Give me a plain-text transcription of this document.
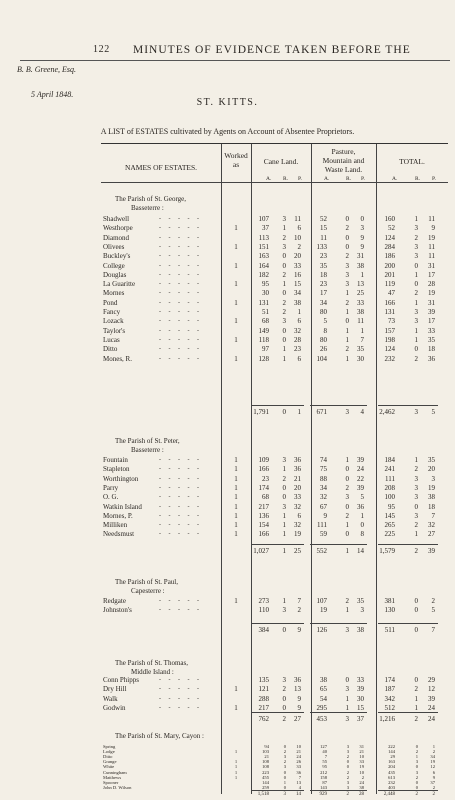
122 MINUTES OF EVIDENCE TAKEN BEFORE THE
B. B. Greene, Esq.
5 April 1848.
ST. KITTS.
A LIST of ESTATES cultivated by Agents on Account of Absentee Proprietors.
NAMES OF ESTATES.
Worked
as	Cane Land.
Pasture,
Mountain and
Waste Land.
TOTAL.
A. R. P.	A.	R. P.	A.	R. P.
The Parish of St. George,
Basseterre :
Shadwell	- - - - -	107	3	11	52	0	0	160	1	11
Westhorpe	- - - - -	1	37	1	6	15	2	3	52	3	9
Diamond	- - - - -	113	2	10	11	0	9	124	2	19
Olivees	- - - - -	1	151	3	2	133	0	9	284	3	11
Buckley's	- - - - -	163	0	20	23	2	31	186	3	11
College	- - - - -	1	164	0	33	35	3	38	200	0	31
Douglas	- - - - -	182	2	16	18	3	1	201	1	17
La Guaritte	- - - - -	1	95	1	15	23	3	13	119	0	28
Mornes	- - - - -	30	0	34	17	1	25	47	2	19
Pond	- - - - -	1	131	2	38	34	2	33	166	1	31
Fancy	- - - - -	51	2	1	80	1	38	131	3	39
Lozack	- - - - -	1	68	3	6	5	0	11	73	3	17
Taylor's	- - - - -	149	0	32	8	1	1	157	1	33
Lucas	- - - - -	1	118	0	28	80	1	7	198	1	35
Ditto	- - - - -	97	1	23	26	2	35	124	0	18
Mones, R.	- - - - -	1	128	1	6	104	1	30	232	2	36
1,791	0	1	671	3	4	2,462	3	5
The Parish of St. Peter,
Basseterre :
Fountain	- - - - -	1	109	3	36	74	1	39	184	1	35
Stapleton	- - - - -	1	166	1	36	75	0	24	241	2	20
Worthington	- - - - -	1	23	2	21	88	0	22	111	3	3
Parry	- - - - -	1	174	0	20	34	2	39	208	3	19
O. G.	- - - - -	1	68	0	33	32	3	5	100	3	38
Watkin Island	- - - - -	1	217	3	32	67	0	36	95	0	18
Mornes, P.	- - - - -	1	136	1	6	9	2	1	145	3	7
Milliken	- - - - -	1	154	1	32	111	1	0	265	2	32
Needsmust	- - - - -	1	166	1	19	59	0	8	225	1	27
1,027	1	25	552	1	14	1,579	2	39
The Parish of St. Paul,
Capesterre :
Redgate	- - - - -	1	273	1	7	107	2	35	381	0	2
Johnston's	- - - - -	110	3	2	19	1	3	130	0	5
384	0	9	126	3	38	511	0	7
The Parish of St. Thomas,
Middle Island :
Conn Phipps	- - - - -	135	3	36	38	0	33	174	0	29
Dry Hill	- - - - -	1	121	2	13	65	3	39	187	2	12
Walk	- - - - -	288	0	9	54	1	30	342	1	39
Godwin	- - - - -	1	217	0	9	295	1	15	512	1	24
762	2	27	453	3	37	1,216	2	24
The Parish of St. Mary, Cayon :
Spring	94	0	10	127	3	31	222	0	1
Lodge	1	103	2	21	40	3	21	144	2	2
Ditto	21	3	24	7	2	10	29	1	34
Grange	1	108	2	26	55	0	33	163	3	19
White	1	108	3	33	95	0	19	204	0	12
Cunningham	1	223	0	36	212	2	10	435	3	6
Matthews	1	455	0	7	158	2	2	613	2	9
Spooner	144	1	13	87	3	24	232	0	37
John D. Wilson	259	0	4	143	3	38	403	0	2
1,518	3	14	929	2	28	2,448	2	2
